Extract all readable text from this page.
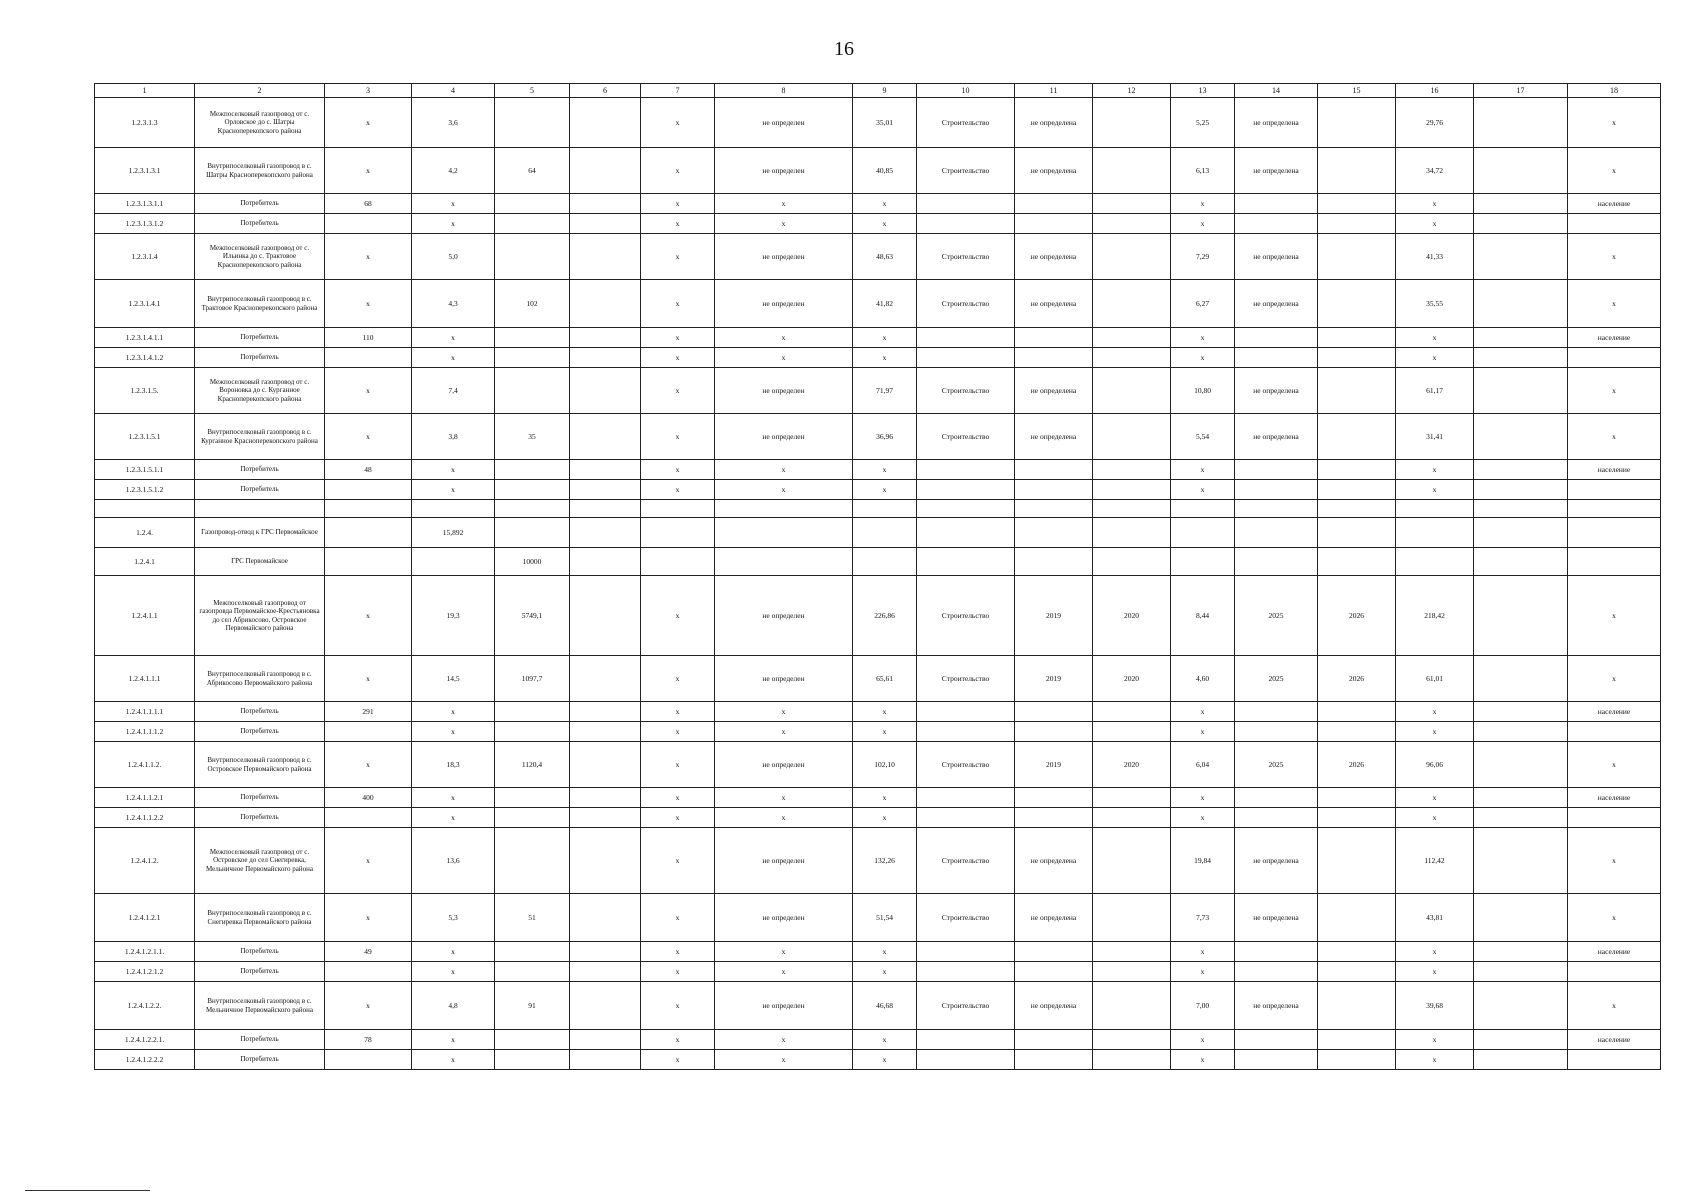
16
1	2	3	4	5	6	7	8	9	10	11	12	13	14	15	16	17	18
1.2.3.1.3	Межпоселковый газопровод от с. Орловское до с. Шатры Красноперекопского района	х	3,6			х	не определен	35,01	Строительство	не определена		5,25	не определена		29,76		х
1.2.3.1.3.1	Внутрипоселковый газопровод в с. Шатры Красноперекопского района	х	4,2	64		х	не определен	40,85	Строительство	не определена		6,13	не определена		34,72		х
1.2.3.1.3.1.1	Потребитель	68	х			х	х	х				х			х		население
1.2.3.1.3.1.2	Потребитель		х			х	х	х				х			х		
1.2.3.1.4	Межпоселковый газопровод от с. Ильинка до с. Трактовое Красноперекопского района	х	5,0			х	не определен	48,63	Строительство	не определена		7,29	не определена		41,33		х
1.2.3.1.4.1	Внутрипоселковый газопровод в с. Трактовое Красноперекопского района	х	4,3	102		х	не определен	41,82	Строительство	не определена		6,27	не определена		35,55		х
1.2.3.1.4.1.1	Потребитель	110	х			х	х	х				х			х		население
1.2.3.1.4.1.2	Потребитель		х			х	х	х				х			х		
1.2.3.1.5.	Межпоселковый газопровод от с. Вороновка до с. Курганное Красноперекопского района	х	7,4			х	не определен	71,97	Строительство	не определена		10,80	не определена		61,17		х
1.2.3.1.5.1	Внутрипоселковый газопровод в с. Курганное Красноперекопского района	х	3,8	35		х	не определен	36,96	Строительство	не определена		5,54	не определена		31,41		х
1.2.3.1.5.1.1	Потребитель	48	х			х	х	х				х			х		население
1.2.3.1.5.1.2	Потребитель		х			х	х	х				х			х		

1.2.4.	Газопровод-отвод к ГРС Первомайское		15,892														
1.2.4.1	ГРС Первомайское			10000													
1.2.4.1.1	Межпоселковый газопровод от газопровда Первомайское-Крестьяновка до сел Абрикосово, Островское Первомайского района	х	19,3	5749,1		х	не определен	226,86	Строительство	2019	2020	8,44	2025	2026	218,42		х
1.2.4.1.1.1	Внутрипоселковый газопровод в с. Абрикосово Первомайского района	х	14,5	1097,7		х	не определен	65,61	Строительство	2019	2020	4,60	2025	2026	61,01		х
1.2.4.1.1.1.1	Потребитель	291	х			х	х	х				х			х		население
1.2.4.1.1.1.2	Потребитель		х			х	х	х				х			х		
1.2.4.1.1.2.	Внутрипоселковый газопровод в с. Островское Первомайского района	х	18,3	1120,4		х	не определен	102,10	Строительство	2019	2020	6,04	2025	2026	96,06		х
1.2.4.1.1.2.1	Потребитель	400	х			х	х	х				х			х		население
1.2.4.1.1.2.2	Потребитель		х			х	х	х				х			х		
1.2.4.1.2.	Межпоселковый газопровод от с. Островское до сел Снегиревка, Мельничное Первомайского района	х	13,6			х	не определен	132,26	Строительство	не определена		19,84	не определена		112,42		х
1.2.4.1.2.1	Внутрипоселковый газопровод в с. Снегиревка Первомайского района	х	5,3	51		х	не определен	51,54	Строительство	не определена		7,73	не определена		43,81		х
1.2.4.1.2.1.1.	Потребитель	49	х			х	х	х				х			х		население
1.2.4.1.2.1.2	Потребитель		х			х	х	х				х			х		
1.2.4.1.2.2.	Внутрипоселковый газопровод в с. Мельничное Первомайского района	х	4,8	91		х	не определен	46,68	Строительство	не определена		7,00	не определена		39,68		х
1.2.4.1.2.2.1.	Потребитель	78	х			х	х	х				х			х		население
1.2.4.1.2.2.2	Потребитель		х			х	х	х				х			х		
